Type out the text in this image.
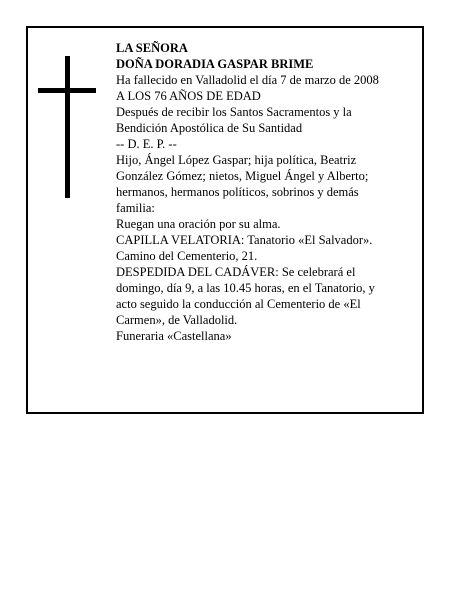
LA SEÑORA
DOÑA DORADIA GASPAR BRIME
Ha fallecido en Valladolid el día 7 de marzo de 2008
A LOS 76 AÑOS DE EDAD
Después de recibir los Santos Sacramentos y la
Bendición Apostólica de Su Santidad
-- D. E. P. --
Hijo, Ángel López Gaspar; hija política, Beatriz
González Gómez; nietos, Miguel Ángel y Alberto;
hermanos, hermanos políticos, sobrinos y demás
familia:
Ruegan una oración por su alma.
CAPILLA VELATORIA: Tanatorio «El Salvador».
Camino del Cementerio, 21.
DESPEDIDA DEL CADÁVER: Se celebrará el
domingo, día 9, a las 10.45 horas, en el Tanatorio, y
acto seguido la conducción al Cementerio de «El
Carmen», de Valladolid.
Funeraria «Castellana»
